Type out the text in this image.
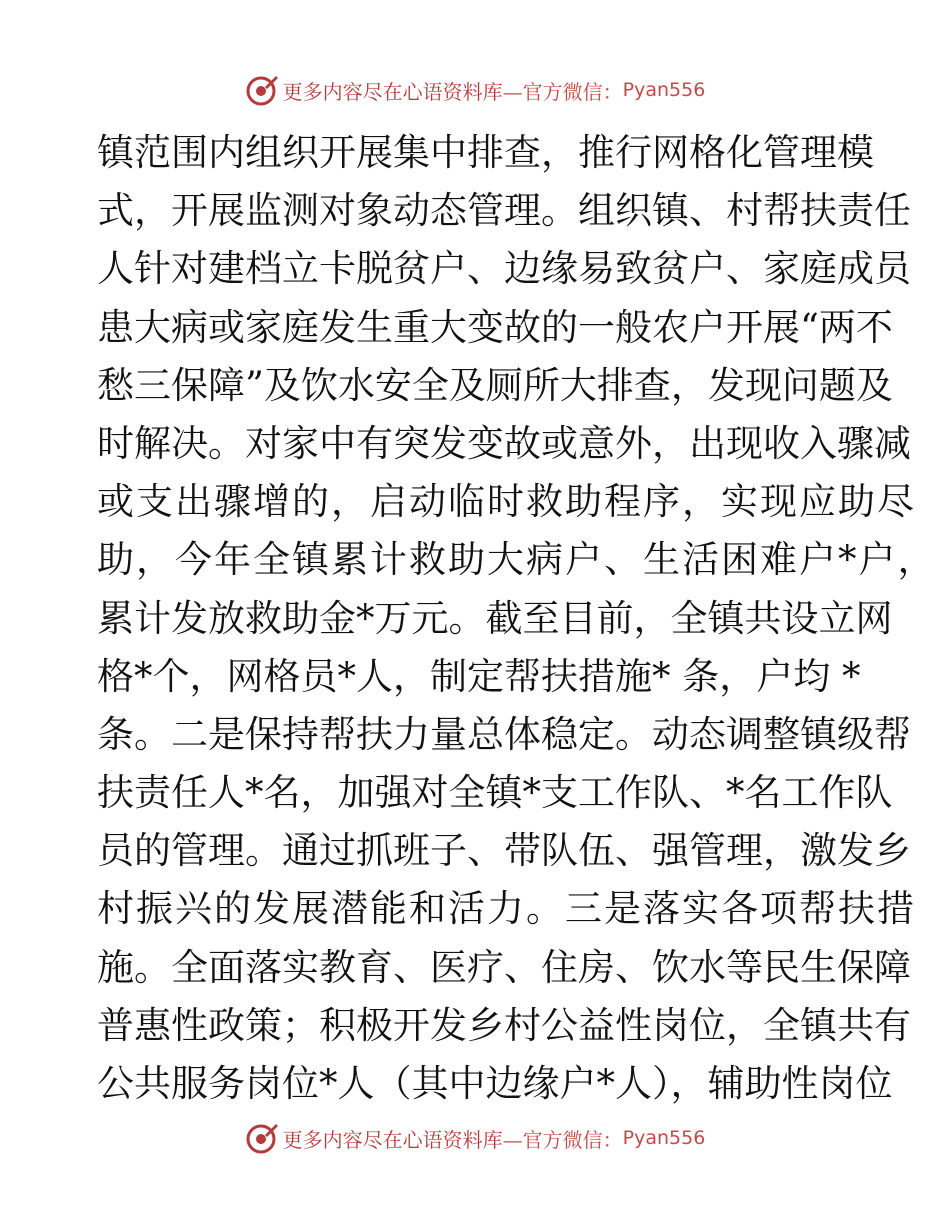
更多内容尽在心语资料库 —官方微信： Pyan556
镇范围内组织开展集中排查，推行网格化管理模
式，开展监测对象动态管理。组织镇、村帮扶责任
人针对建档立卡脱贫户、边缘易致贫户、家庭成员
患大病或家庭发生重大变故的一般农户开展“两不
愁三保障”及饮水安全及厕所大排查，发现问题及
时解决。对家中有突发变故或意外，出现收入骤减
或支出骤增的，启动临时救助程序，实现应助尽
助，今年全镇累计救助大病户、生活困难户*户，
累计发放救助金*万元。截至目前，全镇共设立网
格*个，网格员*人，制定帮扶措施* 条，户均 *
条。二是保持帮扶力量总体稳定。动态调整镇级帮
扶责任人*名，加强对全镇*支工作队、*名工作队
员的管理。通过抓班子、带队伍、强管理，激发乡
村振兴的发展潜能和活力。三是落实各项帮扶措
施。全面落实教育、医疗、住房、饮水等民生保障
普惠性政策；积极开发乡村公益性岗位，全镇共有
公共服务岗位*人（其中边缘户*人），辅助性岗位
更多内容尽在心语资料库 —官方微信： Pyan556
